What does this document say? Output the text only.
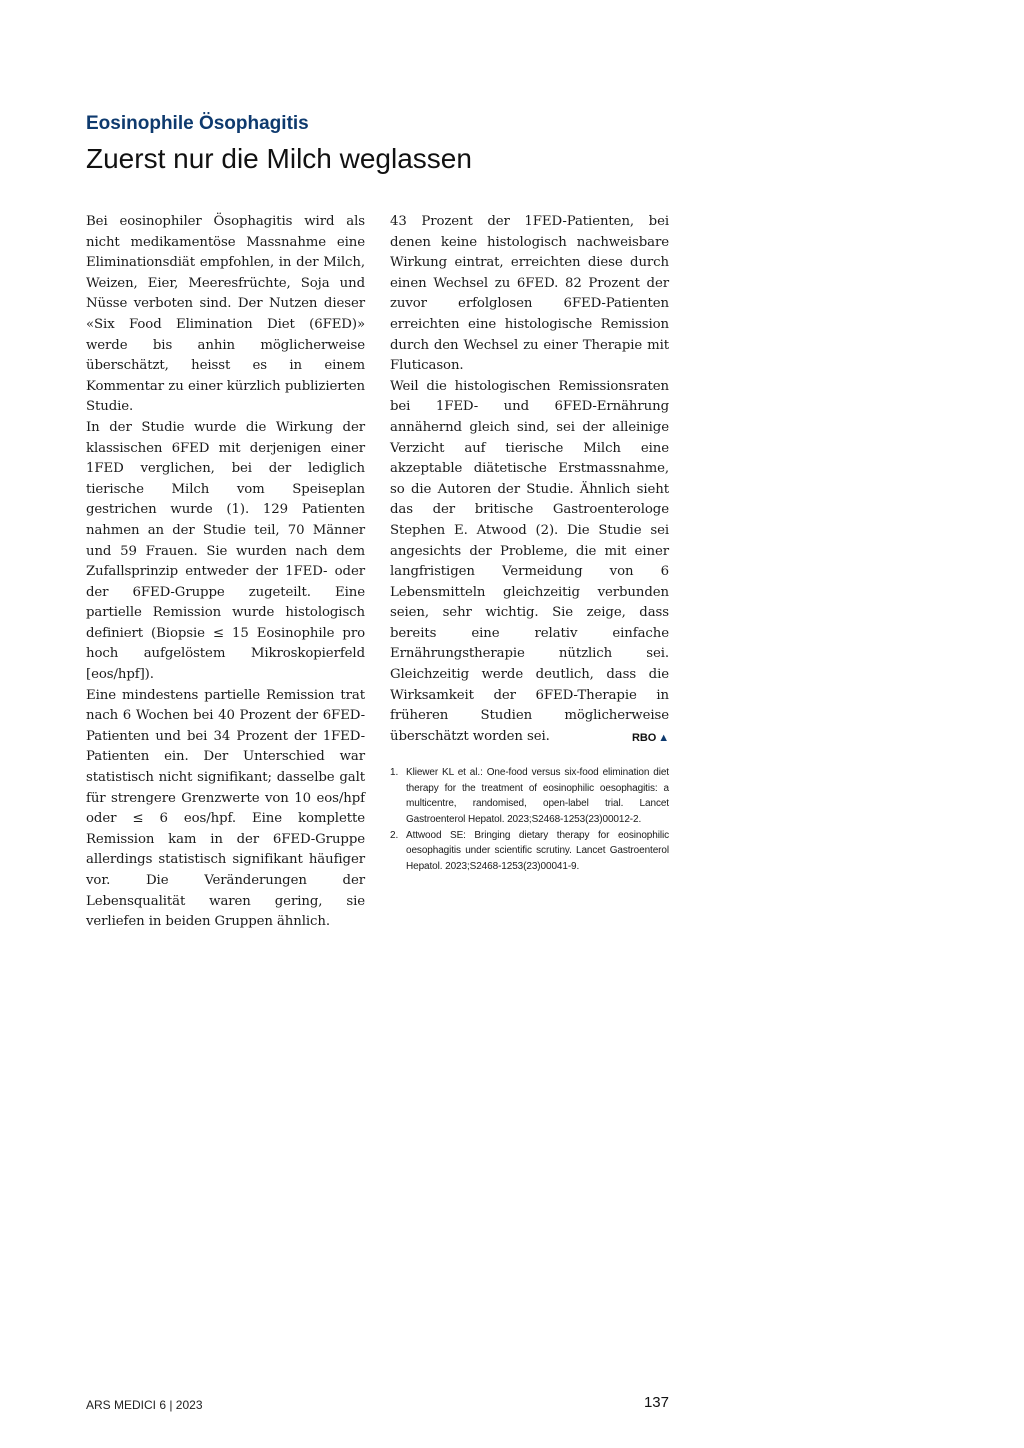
Eosinophile Ösophagitis
Zuerst nur die Milch weglassen

Bei eosinophiler Ösophagitis wird als nicht medikamentöse Massnahme eine Eliminationsdiät empfohlen, in der Milch, Weizen, Eier, Meeresfrüchte, Soja und Nüsse verboten sind. Der Nutzen dieser «Six Food Elimination Diet (6FED)» werde bis anhin möglicherweise überschätzt, heisst es in einem Kommentar zu einer kürzlich publizierten Studie.

In der Studie wurde die Wirkung der klassischen 6FED mit derjenigen einer 1FED verglichen, bei der lediglich tierische Milch vom Speiseplan gestrichen wurde (1). 129 Patienten nahmen an der Studie teil, 70 Männer und 59 Frauen. Sie wurden nach dem Zufallsprinzip entweder der 1FED- oder der 6FED-Gruppe zugeteilt. Eine partielle Remission wurde histologisch definiert (Biopsie ≤ 15 Eosinophile pro hoch aufgelöstem Mikroskopierfeld [eos/hpf]).

Eine mindestens partielle Remission trat nach 6 Wochen bei 40 Prozent der 6FED-Patienten und bei 34 Prozent der 1FED-Patienten ein. Der Unterschied war statistisch nicht signifikant; dasselbe galt für strengere Grenzwerte von 10 eos/hpf oder ≤ 6 eos/hpf. Eine komplette Remission kam in der 6FED-Gruppe allerdings statistisch signifikant häufiger vor. Die Veränderungen der Lebensqualität waren gering, sie verliefen in beiden Gruppen ähnlich.

43 Prozent der 1FED-Patienten, bei denen keine histologisch nachweisbare Wirkung eintrat, erreichten diese durch einen Wechsel zu 6FED. 82 Prozent der zuvor erfolglosen 6FED-Patienten erreichten eine histologische Remission durch den Wechsel zu einer Therapie mit Fluticason.

Weil die histologischen Remissionsraten bei 1FED- und 6FED-Ernährung annähernd gleich sind, sei der alleinige Verzicht auf tierische Milch eine akzeptable diätetische Erstmassnahme, so die Autoren der Studie. Ähnlich sieht das der britische Gastroenterologe Stephen E. Atwood (2). Die Studie sei angesichts der Probleme, die mit einer langfristigen Vermeidung von 6 Lebensmitteln gleichzeitig verbunden seien, sehr wichtig. Sie zeige, dass bereits eine relativ einfache Ernährungstherapie nützlich sei. Gleichzeitig werde deutlich, dass die Wirksamkeit der 6FED-Therapie in früheren Studien möglicherweise überschätzt worden sei.	RBO ▲

1. Kliewer KL et al.: One-food versus six-food elimination diet therapy for the treatment of eosinophilic oesophagitis: a multicentre, randomised, open-label trial. Lancet Gastroenterol Hepatol. 2023;S2468-1253(23)00012-2.
2. Attwood SE: Bringing dietary therapy for eosinophilic oesophagitis under scientific scrutiny. Lancet Gastroenterol Hepatol. 2023;S2468-1253(23)00041-9.
ARS MEDICI 6 | 2023	137
